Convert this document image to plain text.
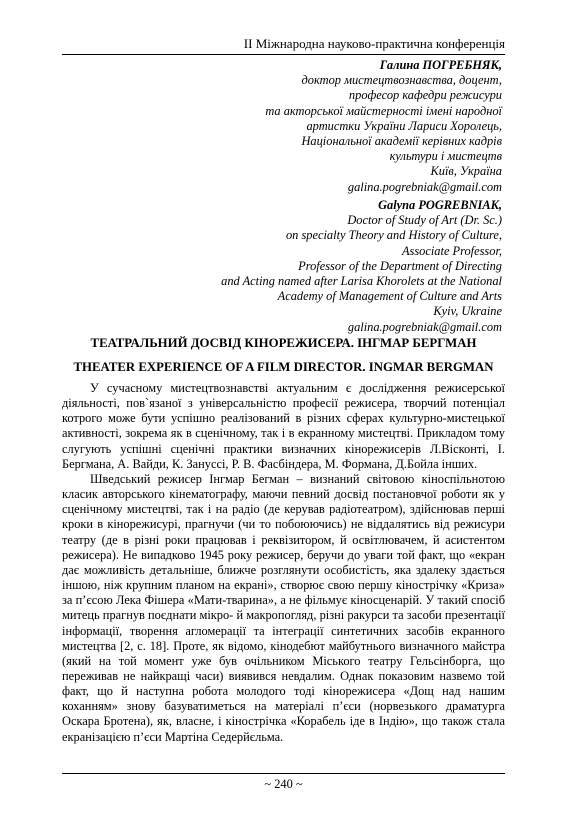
II Міжнародна науково-практична конференція
Галина ПОГРЕБНЯК,
доктор мистецтвознавства, доцент,
професор кафедри режисури
та акторської майстерності імені народної
артистки України Лариси Хоролець,
Національної академії керівних кадрів
культури і мистецтв
Київ, Україна
galina.pogrebniak@gmail.com
Galyna POGREBNIAK,
Doctor of Study of Art (Dr. Sc.)
on specialty Theory and History of Culture,
Associate Professor,
Professor of the Department of Directing
and Acting named after Larisa Khorolets at the National
Academy of Management of Culture and Arts
Kyiv, Ukraine
galina.pogrebniak@gmail.com
ТЕАТРАЛЬНИЙ ДОСВІД КІНОРЕЖИСЕРА. ІНГМАР БЕРГМАН
THEATER EXPERIENCE OF A FILM DIRECTOR. INGMAR BERGMAN

У сучасному мистецтвознавстві актуальним є дослідження режисерської діяльності, пов`язаної з універсальністю професії режисера, творчий потенціал котрого може бути успішно реалізований в різних сферах культурно-мистецької активності, зокрема як в сценічному, так і в екранному мистецтві. Прикладом тому слугують успішні сценічні практики визначних кінорежисерів Л.Вісконті, І. Бергмана, А. Вайди, К. Занусcі, Р. В. Фасбіндера, М. Формана, Д.Бойла інших.

Шведський режисер Інгмар Бегман – визнаний світовою кіноспільнотою класик авторського кінематографу, маючи певний досвід постановчої роботи як у сценічному мистецтві, так і на радіо (де керував радіотеатром), здійснював перші кроки в кінорежисурі, прагнучи (чи то побоюючись) не віддалятись від режисури театру (де в різні роки працював і реквізитором, й освітлювачем, й асистентом режисера). Не випадково 1945 року режисер, беручи до уваги той факт, що «екран дає можливість детальніше, ближче розглянути особистість, яка здалеку здається іншою, ніж крупним планом на екрані», створює свою першу кінострічку «Криза» за п’єсою Лека Фішера «Мати-тварина», а не фільмує кіносценарій. У такий спосіб митець прагнув поєднати мікро- й макропогляд, різні ракурси та засоби презентації інформації, творення агломерації та інтеграції синтетичних засобів екранного мистецтва [2, с. 18]. Проте, як відомо, кінодебют майбутнього визначного майстра (який на той момент уже був очільником Міського театру Гельсінборга, що переживав не найкращі часи) виявився невдалим. Однак показовим назвемо той факт, що й наступна робота молодого тоді кінорежисера «Дощ над нашим коханням» знову базуватиметься на матеріалі п’єси (норвезького драматурга Оскара Бротена), як, власне, і кінострічка «Корабель іде в Індію», що також стала екранізацією п’єси Мартіна Седерйєльма.

~ 240 ~
